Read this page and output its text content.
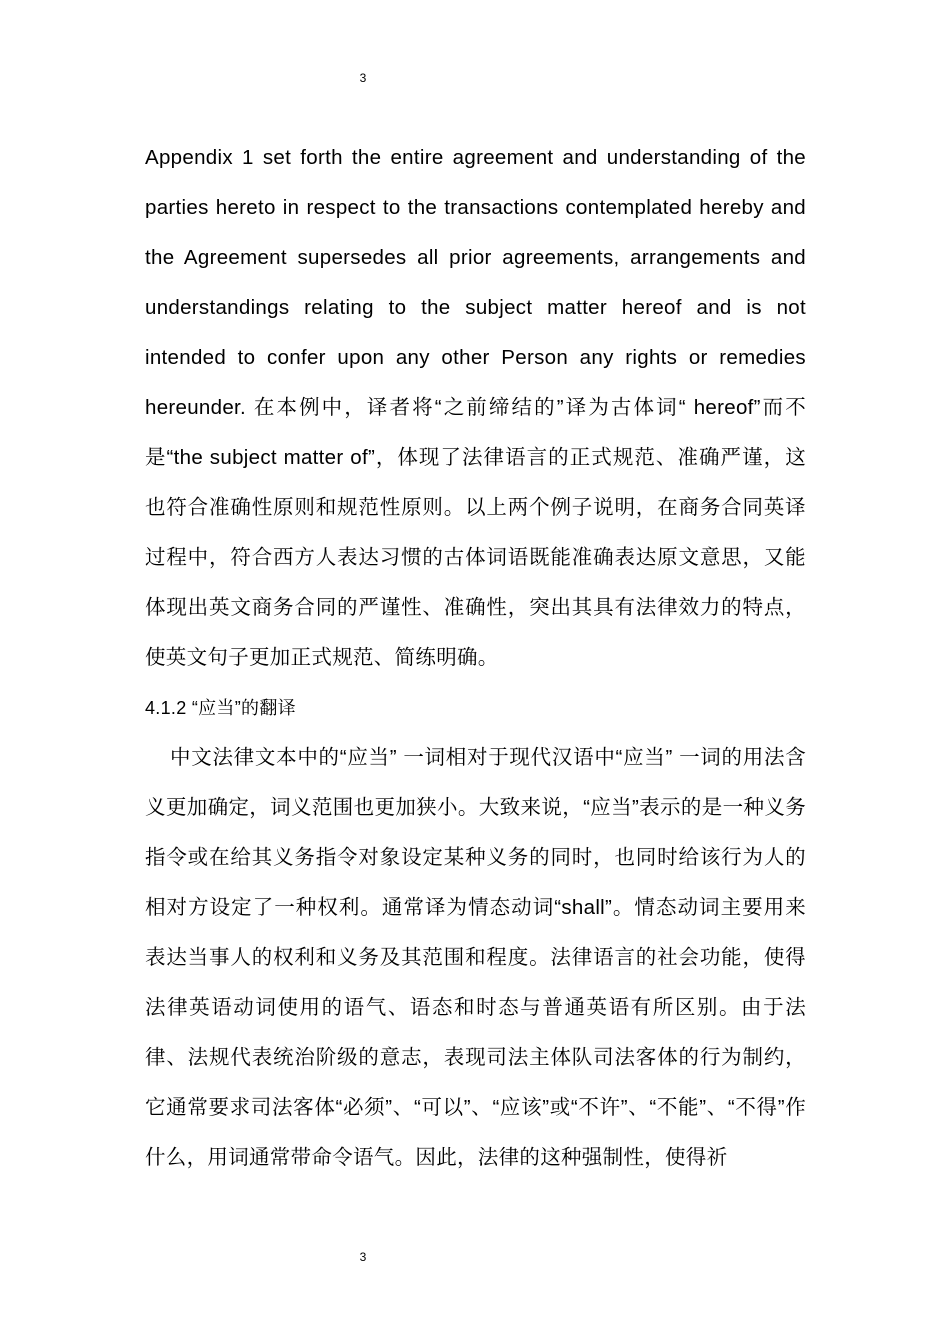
3

Appendix 1 set forth the entire agreement and understanding of the parties hereto in respect to the transactions contemplated hereby and the Agreement supersedes all prior agreements, arrangements and understandings relating to the subject matter hereof and is not intended to confer upon any other Person any rights or remedies hereunder. 在本例中，译者将“之前缔结的”译为古体词“ hereof”而不是“the subject matter of”，体现了法律语言的正式规范、准确严谨，这也符合准确性原则和规范性原则。以上两个例子说明，在商务合同英译过程中，符合西方人表达习惯的古体词语既能准确表达原文意思，又能体现出英文商务合同的严谨性、准确性，突出其具有法律效力的特点，使英文句子更加正式规范、简练明确。

4.1.2 “应当”的翻译

中文法律文本中的“应当” 一词相对于现代汉语中“应当” 一词的用法含义更加确定，词义范围也更加狭小。大致来说，“应当”表示的是一种义务指令或在给其义务指令对象设定某种义务的同时，也同时给该行为人的相对方设定了一种权利。通常译为情态动词“shall”。情态动词主要用来表达当事人的权利和义务及其范围和程度。法律语言的社会功能，使得法律英语动词使用的语气、语态和时态与普通英语有所区别。由于法律、法规代表统治阶级的意志，表现司法主体队司法客体的行为制约，它通常要求司法客体“必须”、“可以”、“应该”或“不许”、“不能”、“不得”作什么，用词通常带命令语气。因此，法律的这种强制性，使得祈

3
